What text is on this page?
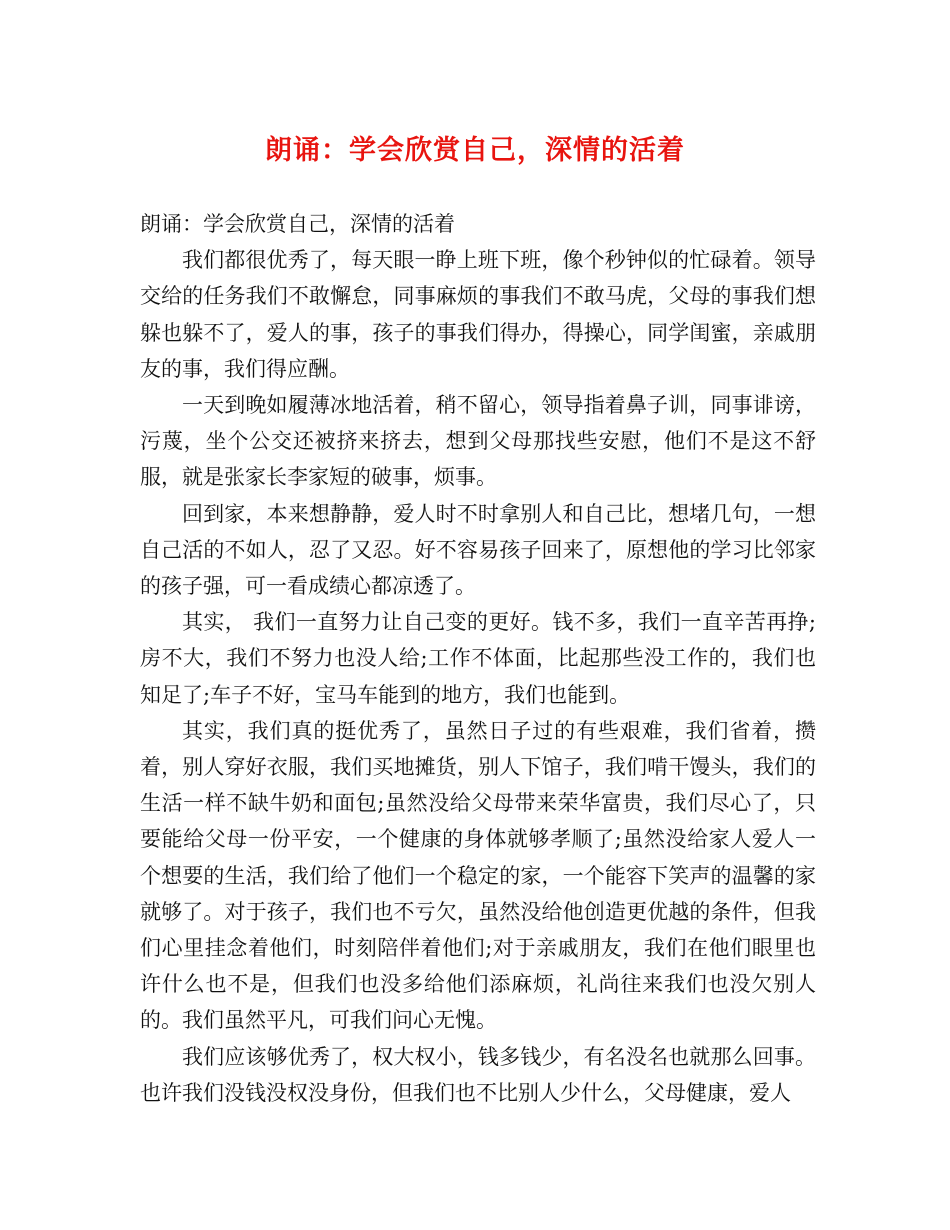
朗诵：学会欣赏自己，深情的活着

朗诵：学会欣赏自己，深情的活着

我们都很优秀了，每天眼一睁上班下班，像个秒钟似的忙碌着。领导交给的任务我们不敢懈怠，同事麻烦的事我们不敢马虎，父母的事我们想躲也躲不了，爱人的事，孩子的事我们得办，得操心，同学闺蜜，亲戚朋友的事，我们得应酬。

一天到晚如履薄冰地活着，稍不留心，领导指着鼻子训，同事诽谤，污蔑，坐个公交还被挤来挤去，想到父母那找些安慰，他们不是这不舒服，就是张家长李家短的破事，烦事。

回到家，本来想静静，爱人时不时拿别人和自己比，想堵几句，一想自己活的不如人，忍了又忍。好不容易孩子回来了，原想他的学习比邻家的孩子强，可一看成绩心都凉透了。

其实， 我们一直努力让自己变的更好。钱不多，我们一直辛苦再挣;房不大，我们不努力也没人给;工作不体面，比起那些没工作的，我们也知足了;车子不好，宝马车能到的地方，我们也能到。

其实，我们真的挺优秀了，虽然日子过的有些艰难，我们省着，攒着，别人穿好衣服，我们买地摊货，别人下馆子，我们啃干馒头，我们的生活一样不缺牛奶和面包;虽然没给父母带来荣华富贵，我们尽心了，只要能给父母一份平安，一个健康的身体就够孝顺了;虽然没给家人爱人一个想要的生活，我们给了他们一个稳定的家，一个能容下笑声的温馨的家就够了。对于孩子，我们也不亏欠，虽然没给他创造更优越的条件，但我们心里挂念着他们，时刻陪伴着他们;对于亲戚朋友，我们在他们眼里也许什么也不是，但我们也没多给他们添麻烦，礼尚往来我们也没欠别人的。我们虽然平凡，可我们问心无愧。

我们应该够优秀了，权大权小，钱多钱少，有名没名也就那么回事。也许我们没钱没权没身份，但我们也不比别人少什么，父母健康，爱人
